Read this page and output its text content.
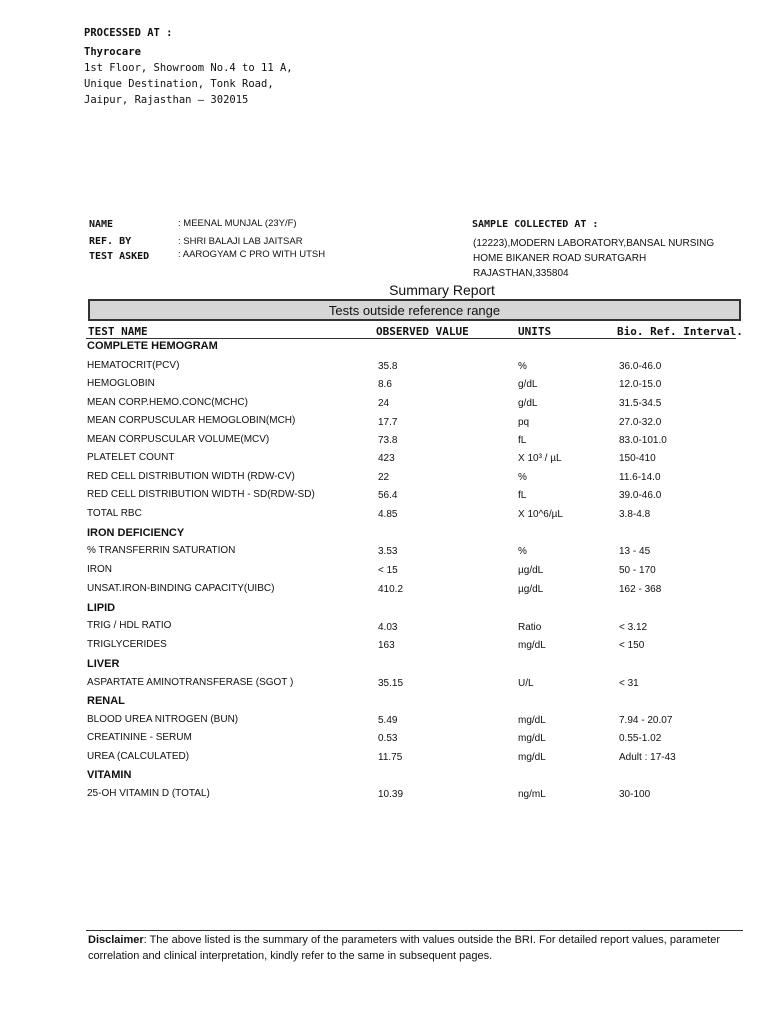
PROCESSED AT :
Thyrocare
1st Floor, Showroom No.4 to 11 A,
Unique Destination, Tonk Road,
Jaipur, Rajasthan – 302015
NAME	: MEENAL MUNJAL (23Y/F)
REF. BY	: SHRI BALAJI LAB JAITSAR
TEST ASKED	: AAROGYAM C PRO WITH UTSH
SAMPLE COLLECTED AT :
(12223),MODERN LABORATORY,BANSAL NURSING
HOME BIKANER ROAD SURATGARH
RAJASTHAN,335804
Summary Report
Tests outside reference range
TEST NAME	OBSERVED VALUE	UNITS	Bio. Ref. Interval.
COMPLETE HEMOGRAM
HEMATOCRIT(PCV)	35.8	%	36.0-46.0
HEMOGLOBIN	8.6	g/dL	12.0-15.0
MEAN CORP.HEMO.CONC(MCHC)	24	g/dL	31.5-34.5
MEAN CORPUSCULAR HEMOGLOBIN(MCH)	17.7	pq	27.0-32.0
MEAN CORPUSCULAR VOLUME(MCV)	73.8	fL	83.0-101.0
PLATELET COUNT	423	X 10³ / µL	150-410
RED CELL DISTRIBUTION WIDTH (RDW-CV)	22	%	11.6-14.0
RED CELL DISTRIBUTION WIDTH - SD(RDW-SD)	56.4	fL	39.0-46.0
TOTAL RBC	4.85	X 10^6/µL	3.8-4.8
IRON DEFICIENCY
% TRANSFERRIN SATURATION	3.53	%	13 - 45
IRON	< 15	µg/dL	50 - 170
UNSAT.IRON-BINDING CAPACITY(UIBC)	410.2	µg/dL	162 - 368
LIPID
TRIG / HDL RATIO	4.03	Ratio	< 3.12
TRIGLYCERIDES	163	mg/dL	< 150
LIVER
ASPARTATE AMINOTRANSFERASE (SGOT )	35.15	U/L	< 31
RENAL
BLOOD UREA NITROGEN (BUN)	5.49	mg/dL	7.94 - 20.07
CREATININE - SERUM	0.53	mg/dL	0.55-1.02
UREA (CALCULATED)	11.75	mg/dL	Adult : 17-43
VITAMIN
25-OH VITAMIN D (TOTAL)	10.39	ng/mL	30-100
Disclaimer: The above listed is the summary of the parameters with values outside the BRI. For detailed report values, parameter correlation and clinical interpretation, kindly refer to the same in subsequent pages.
